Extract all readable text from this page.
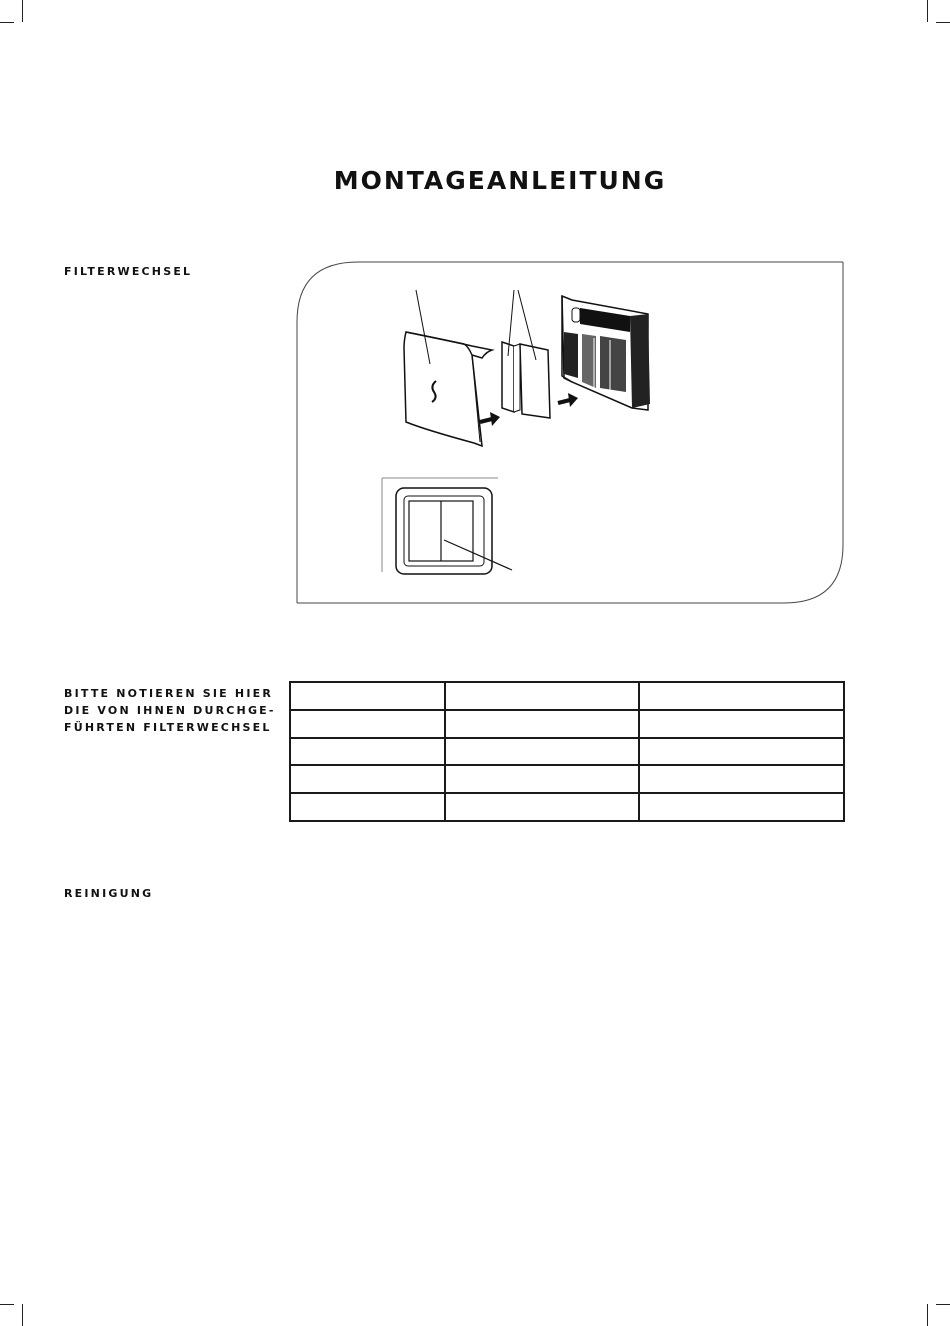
MONTAGEANLEITUNG
FILTERWECHSEL
BITTE NOTIEREN SIE HIER
DIE VON IHNEN DURCHGE-
FÜHRTEN FILTERWECHSEL

REINIGUNG
